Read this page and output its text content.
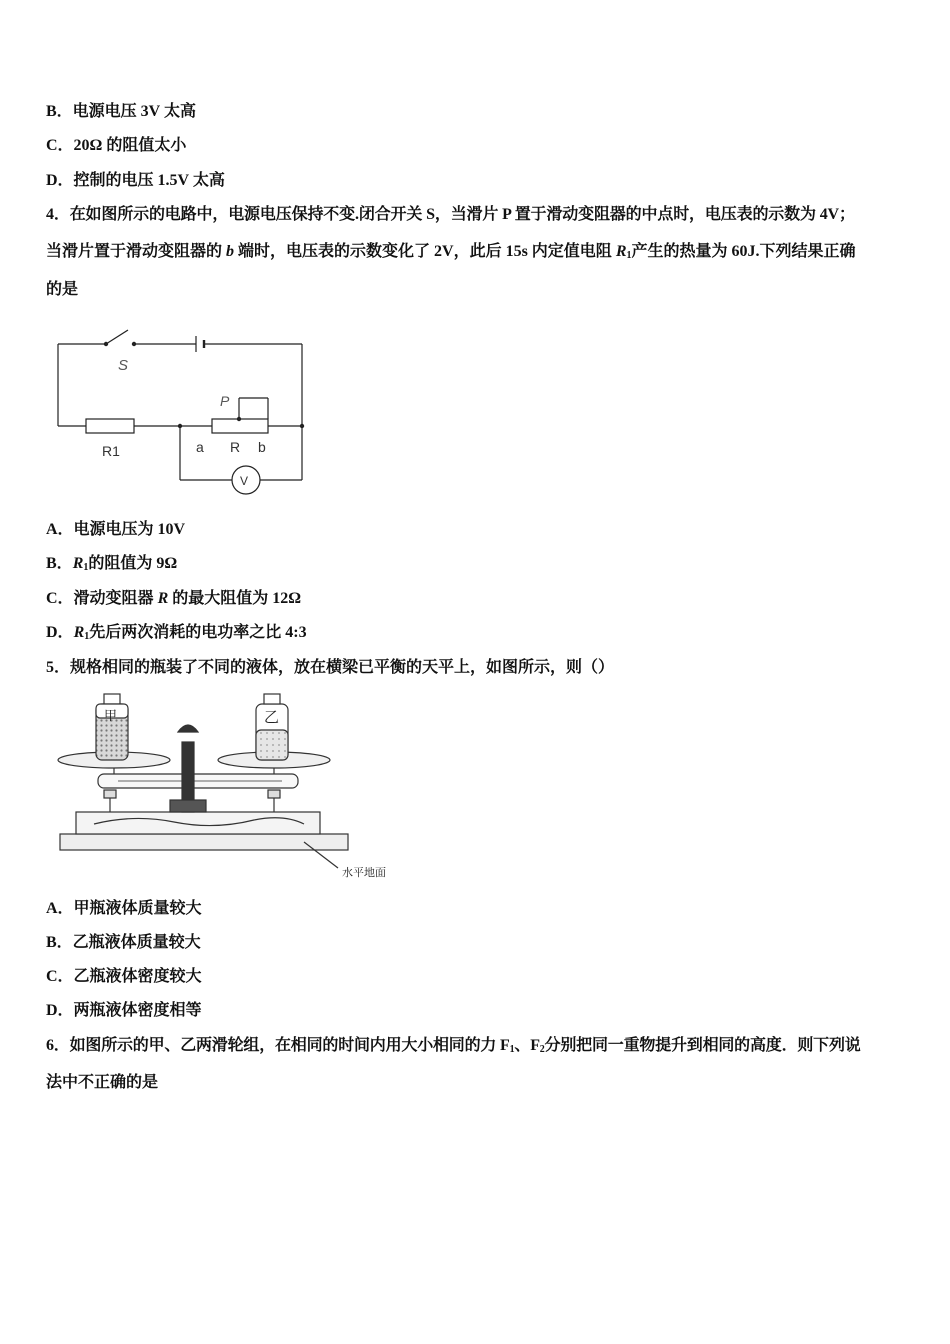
B．电源电压 3V 太高
C．20Ω 的阻值太小
D．控制的电压 1.5V 太高
4．在如图所示的电路中，电源电压保持不变.闭合开关 S，当滑片 P 置于滑动变阻器的中点时，电压表的示数为 4V；
当滑片置于滑动变阻器的 b 端时，电压表的示数变化了 2V，此后 15s 内定值电阻 $R_1$产生的热量为 60J.下列结果正确
的是
S
P
R1	a R b
V
A．电源电压为 10V
B．$R_1$的阻值为 9Ω
C．滑动变阻器 R 的最大阻值为 12Ω
D．$R_1$先后两次消耗的电功率之比 4:3
5．规格相同的瓶装了不同的液体，放在横梁已平衡的天平上，如图所示，则（）
甲	乙
水平地面
A．甲瓶液体质量较大
B．乙瓶液体质量较大
C．乙瓶液体密度较大
D．两瓶液体密度相等
6．如图所示的甲、乙两滑轮组，在相同的时间内用大小相同的力 $F_1$、$F_2$分别把同一重物提升到相同的高度．则下列说
法中不正确的是
